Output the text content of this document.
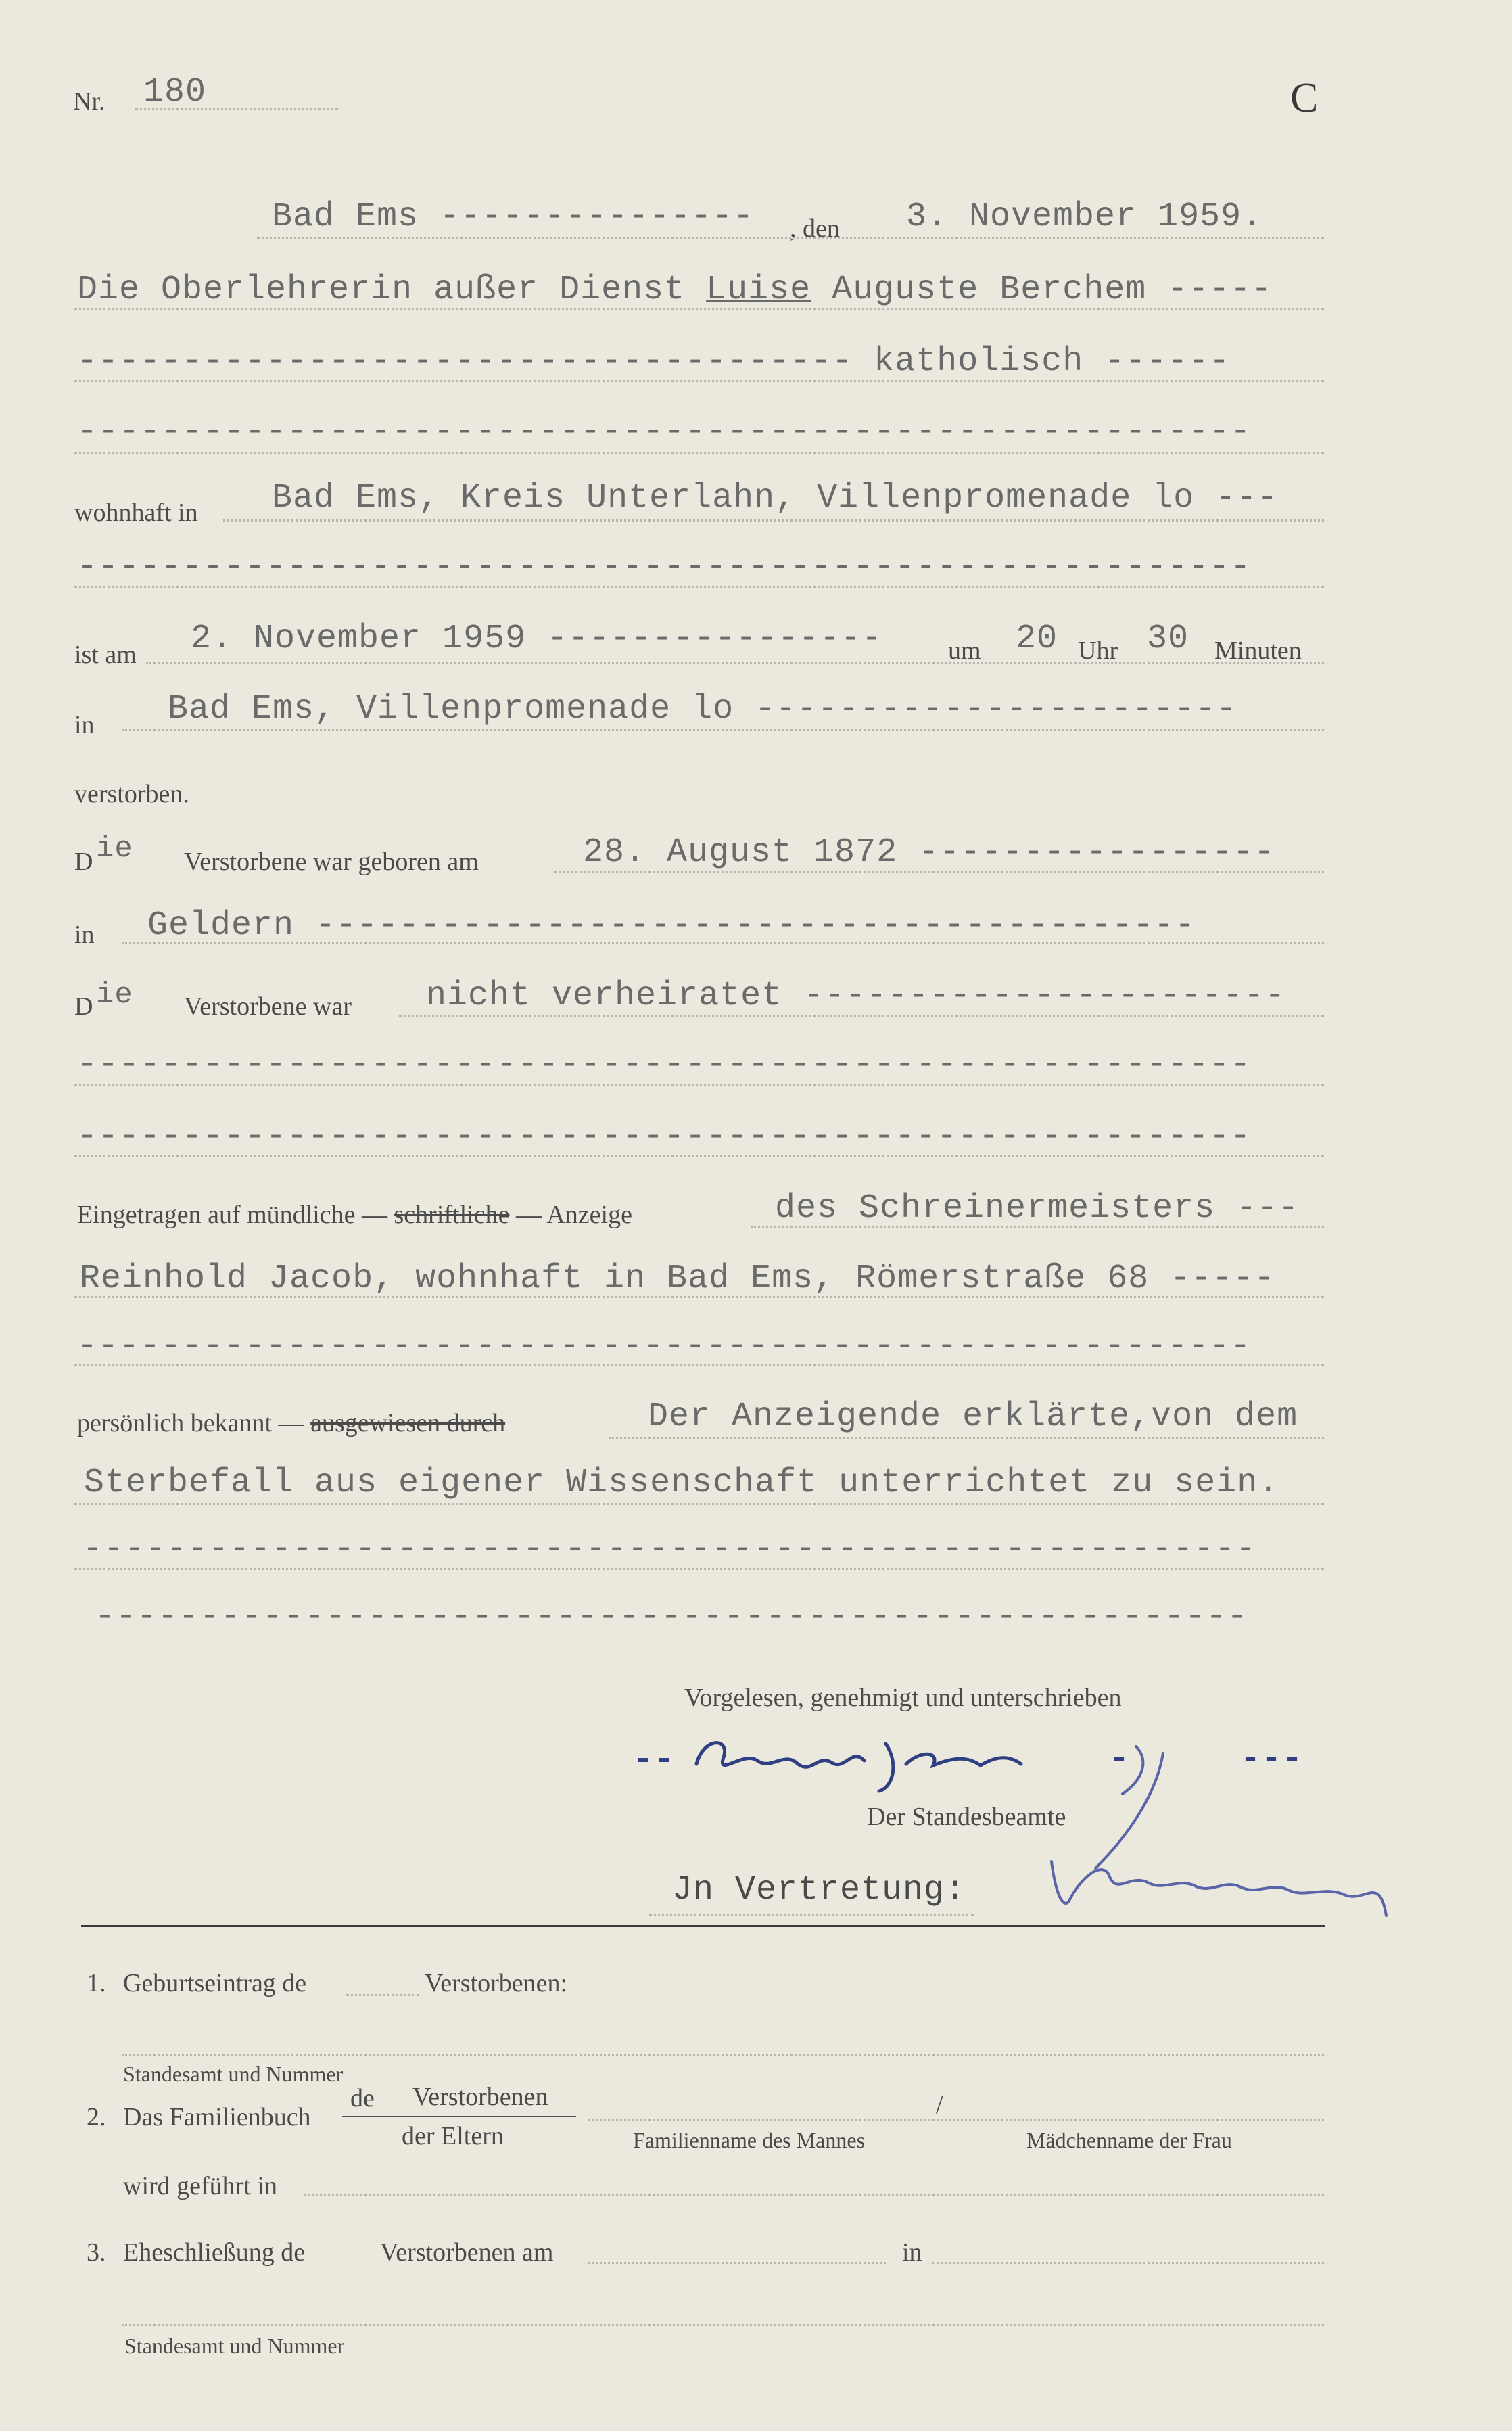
Nr. 180	C
Bad Ems --------------- , den 3. November 1959.
Die Oberlehrerin außer Dienst Luise Auguste Berchem -----
------------------------------------- katholisch ------
--------------------------------------------------------
wohnhaft in Bad Ems, Kreis Unterlahn, Villenpromenade lo ---
--------------------------------------------------------
ist am 2. November 1959 ----------------	um 20 Uhr 30 Minuten
in Bad Ems, Villenpromenade lo -----------------------
verstorben.
D ie Verstorbene war geboren am	28. August 1872 -----------------
in Geldern ------------------------------------------
D ie Verstorbene war nicht verheiratet -----------------------
--------------------------------------------------------
--------------------------------------------------------
Eingetragen auf mündliche — schriftliche — Anzeige	des Schreinermeisters ---
Reinhold Jacob, wohnhaft in Bad Ems, Römerstraße 68 -----
--------------------------------------------------------
persönlich bekannt — ausgewiesen durch	Der Anzeigende erklärte,von dem
Sterbefall aus eigener Wissenschaft unterrichtet zu sein.
--------------------------------------------------------
-------------------------------------------------------
Vorgelesen, genehmigt und unterschrieben
--	-	---
Der Standesbeamte
Jn Vertretung:
1. Geburtseintrag de	Verstorbenen:
Standesamt und Nummer
2. Das Familienbuch
de Verstorbenen
der Eltern
/
Familienname des Mannes	Mädchenname der Frau
wird geführt in
3. Eheschließung de	Verstorbenen am	in
Standesamt und Nummer
